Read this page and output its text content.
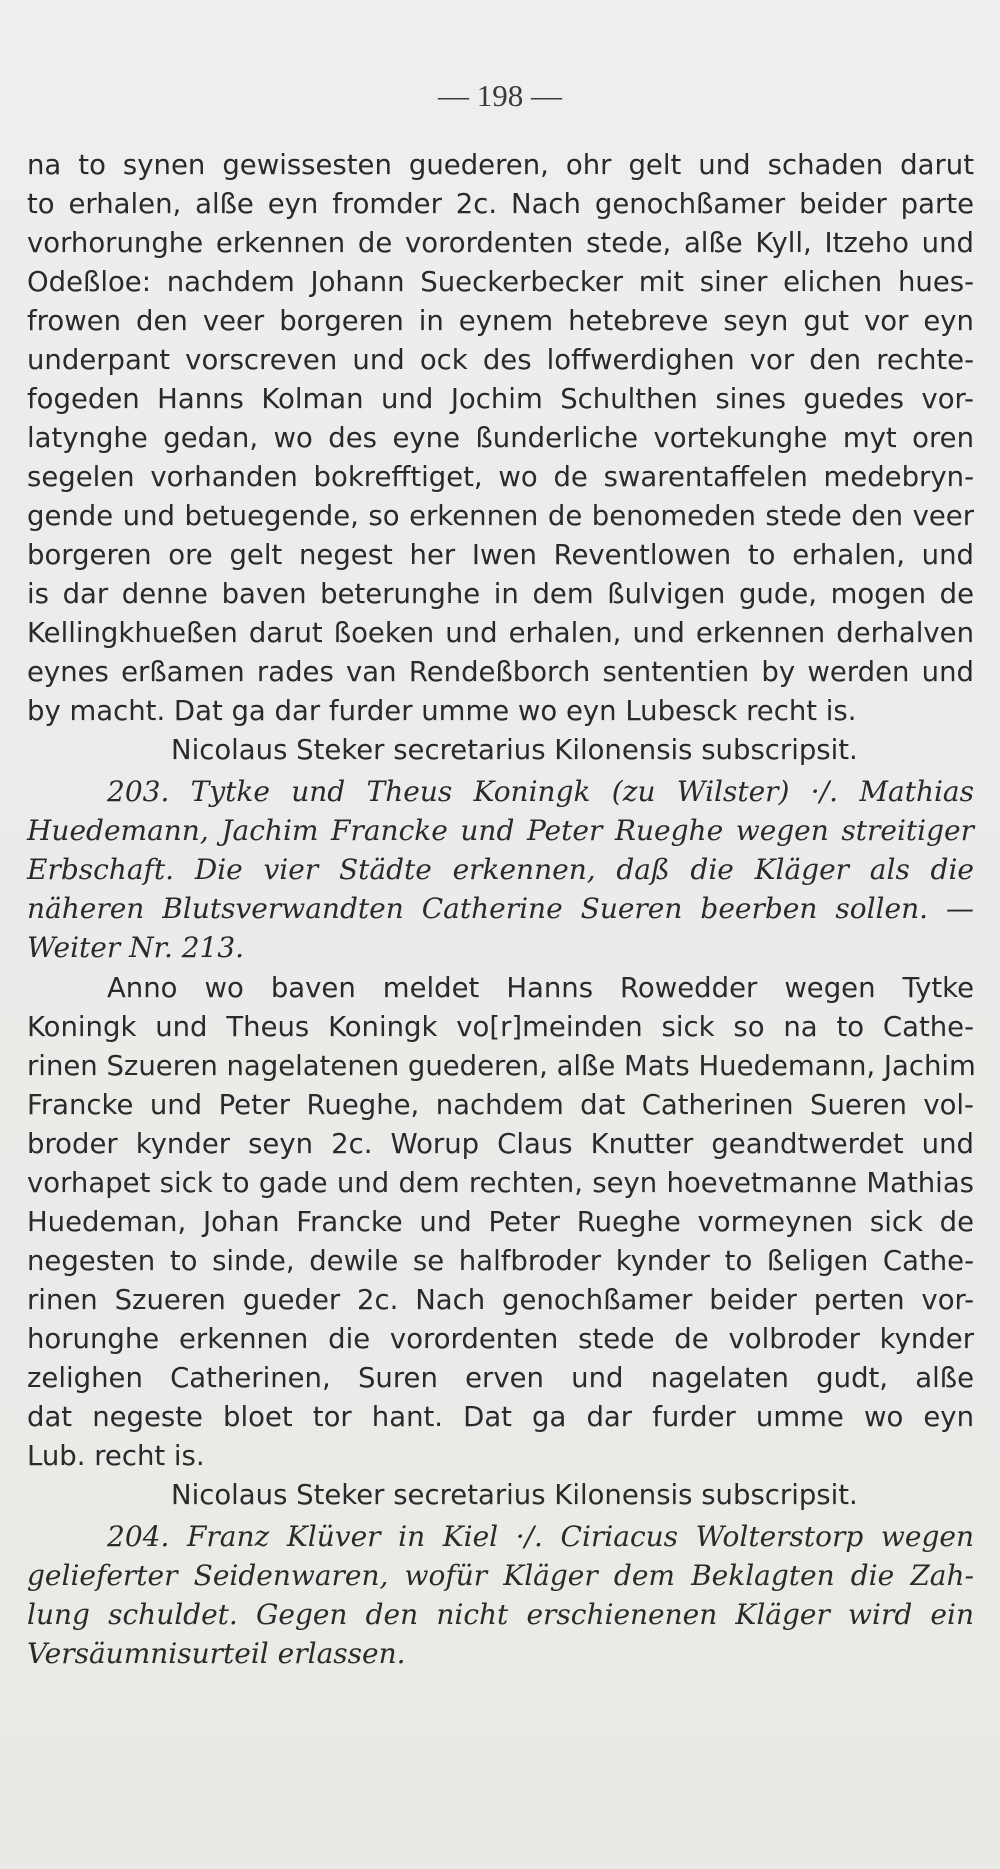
— 198 —
na to synen gewissesten guederen, ohr gelt und schaden darut
to erhalen, alße eyn fromder 2c. Nach genochßamer beider parte
vorhorunghe erkennen de vorordenten stede, alße Kyll, Itzeho und
Odeßloe: nachdem Johann Sueckerbecker mit siner elichen hues-
frowen den veer borgeren in eynem hetebreve seyn gut vor eyn
underpant vorscreven und ock des loffwerdighen vor den rechte-
fogeden Hanns Kolman und Jochim Schulthen sines guedes vor-
latynghe gedan, wo des eyne ßunderliche vortekunghe myt oren
segelen vorhanden bokrefftiget, wo de swarentaffelen medebryn-
gende und betuegende, so erkennen de benomeden stede den veer
borgeren ore gelt negest her Iwen Reventlowen to erhalen, und
is dar denne baven beterunghe in dem ßulvigen gude, mogen de
Kellingkhueßen darut ßoeken und erhalen, und erkennen derhalven
eynes erßamen rades van Rendeßborch sententien by werden und
by macht. Dat ga dar furder umme wo eyn Lubesck recht is.
Nicolaus Steker secretarius Kilonensis subscripsit.
203. Tytke und Theus Koningk (zu Wilster) ·/. Mathias
Huedemann, Jachim Francke und Peter Rueghe wegen streitiger
Erbschaft. Die vier Städte erkennen, daß die Kläger als die
näheren Blutsverwandten Catherine Sueren beerben sollen. —
Weiter Nr. 213.
Anno wo baven meldet Hanns Rowedder wegen Tytke
Koningk und Theus Koningk vo[r]meinden sick so na to Cathe-
rinen Szueren nagelatenen guederen, alße Mats Huedemann, Jachim
Francke und Peter Rueghe, nachdem dat Catherinen Sueren vol-
broder kynder seyn 2c. Worup Claus Knutter geandtwerdet und
vorhapet sick to gade und dem rechten, seyn hoevetmanne Mathias
Huedeman, Johan Francke und Peter Rueghe vormeynen sick de
negesten to sinde, dewile se halfbroder kynder to ßeligen Cathe-
rinen Szueren gueder 2c. Nach genochßamer beider perten vor-
horunghe erkennen die vorordenten stede de volbroder kynder
zelighen Catherinen, Suren erven und nagelaten gudt, alße
dat negeste bloet tor hant. Dat ga dar furder umme wo eyn
Lub. recht is.
Nicolaus Steker secretarius Kilonensis subscripsit.
204. Franz Klüver in Kiel ·/. Ciriacus Wolterstorp wegen
gelieferter Seidenwaren, wofür Kläger dem Beklagten die Zah-
lung schuldet. Gegen den nicht erschienenen Kläger wird ein
Versäumnisurteil erlassen.
